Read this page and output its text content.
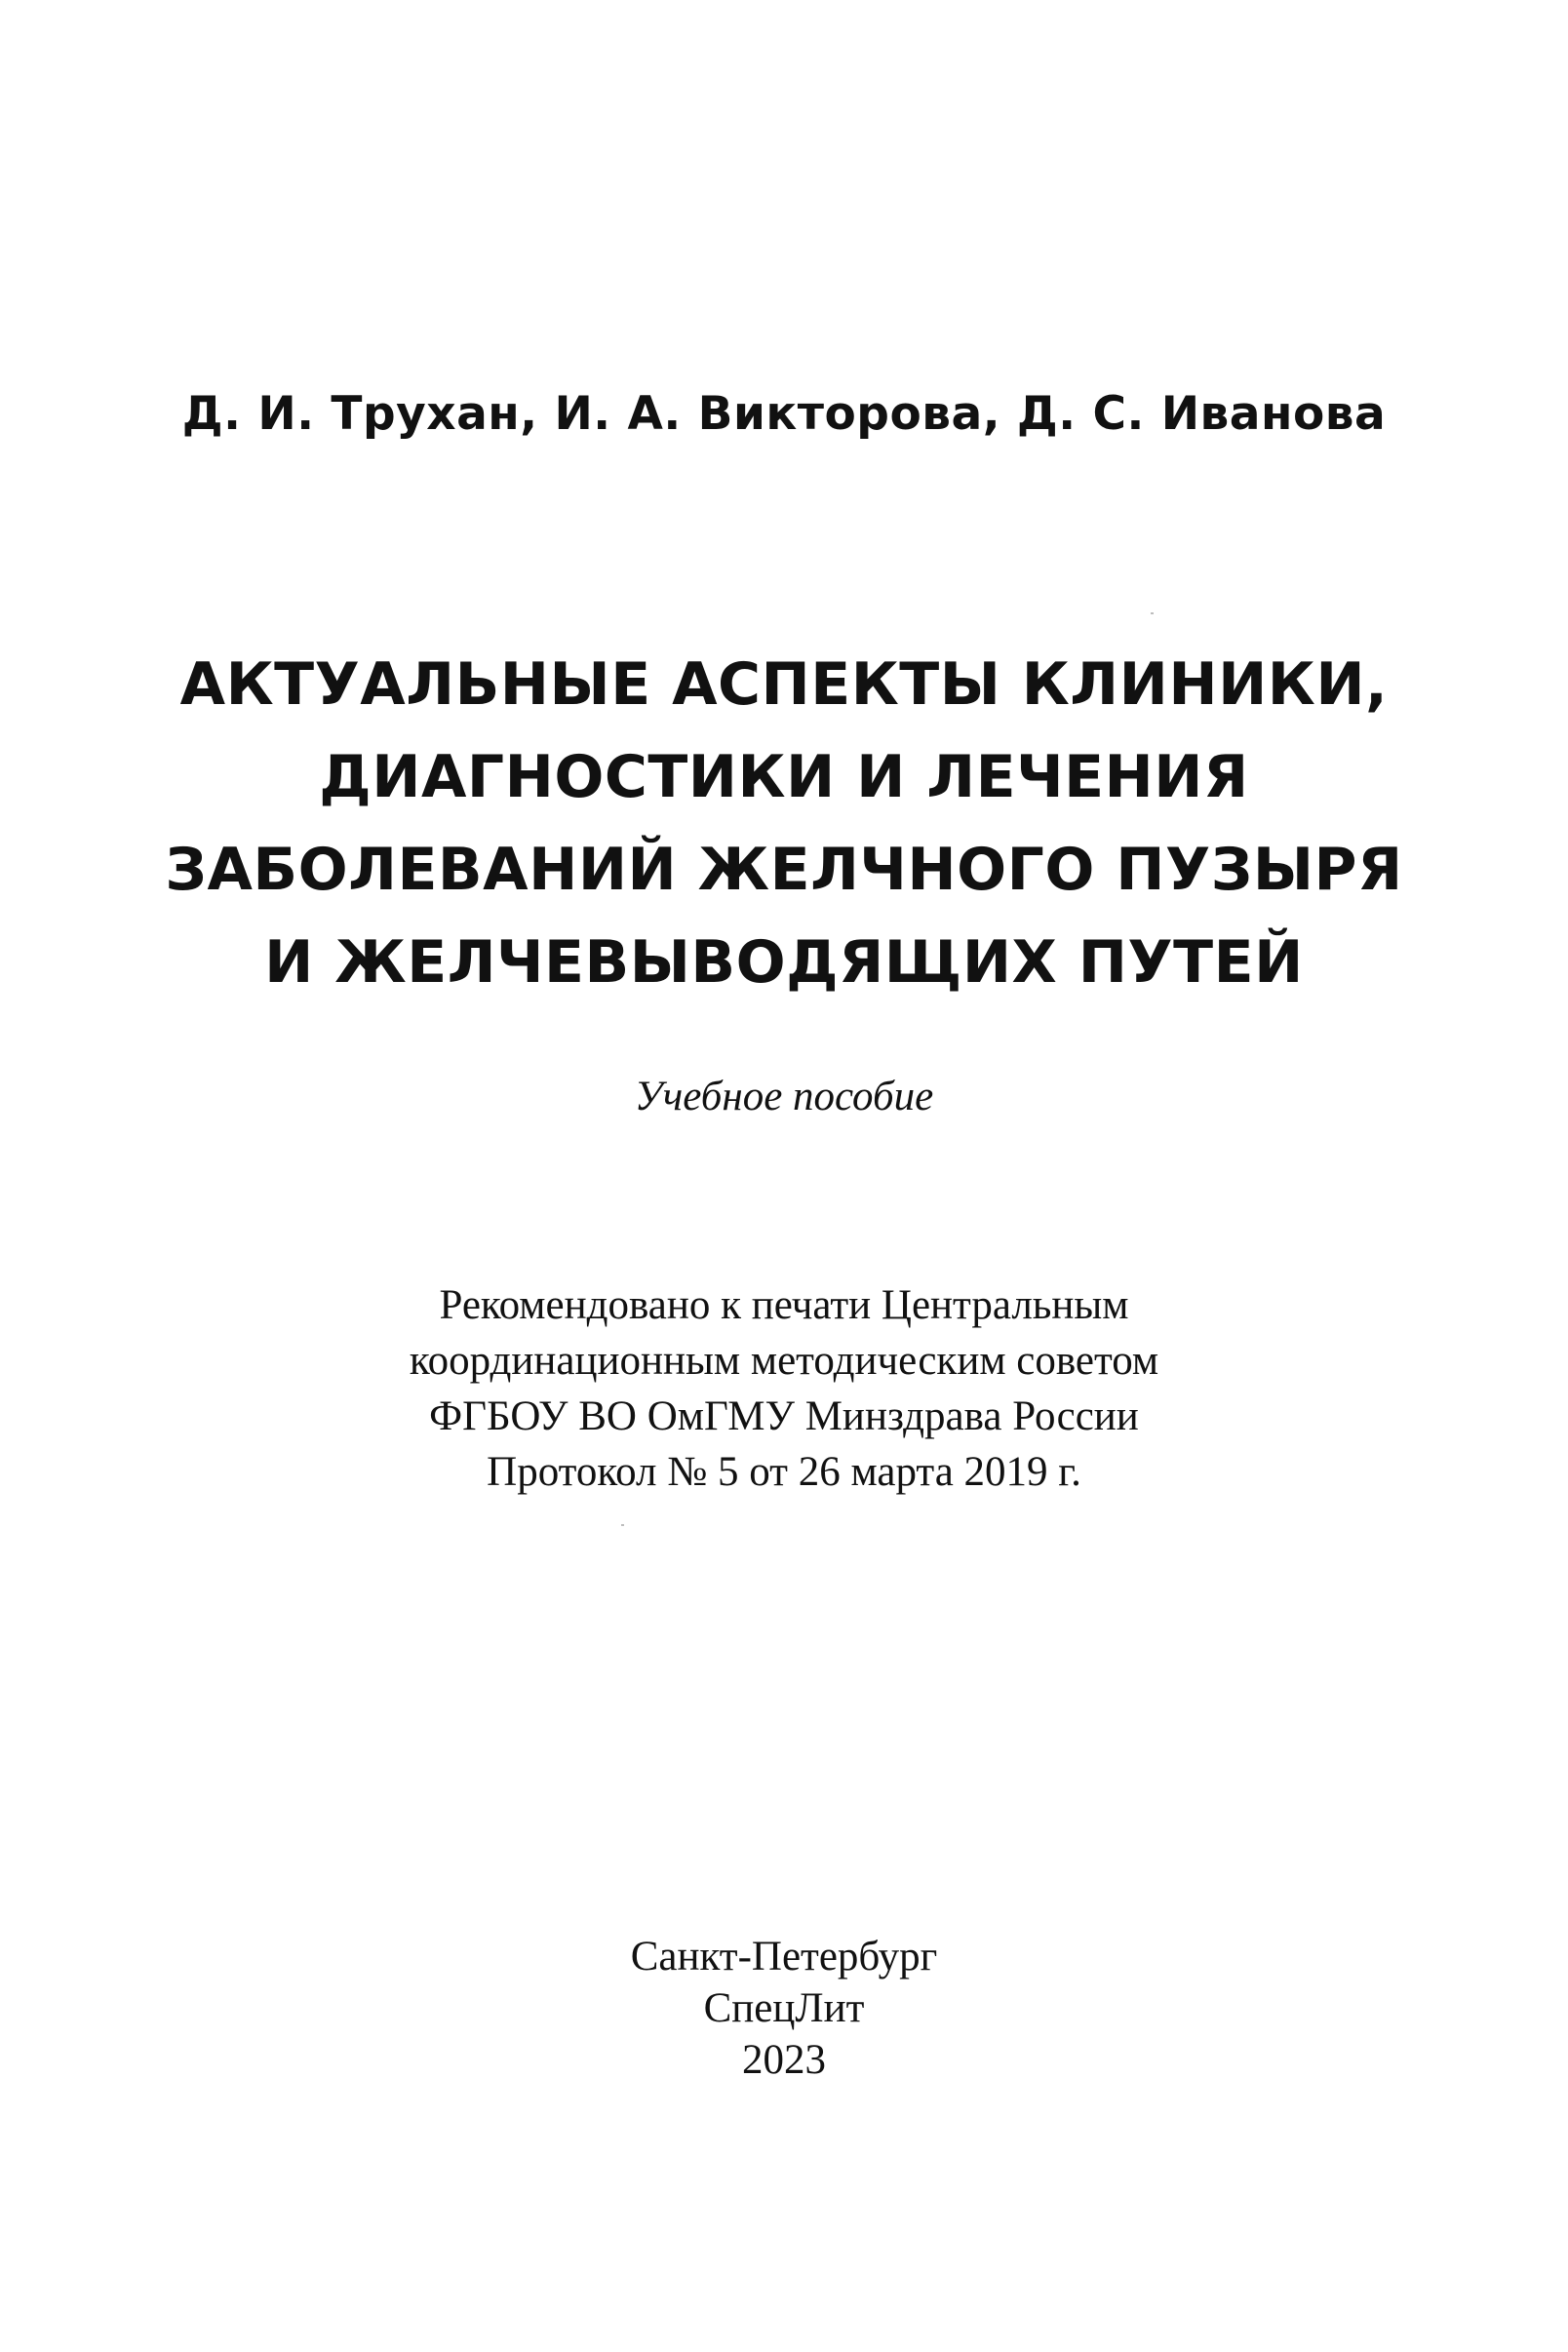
Д. И. Трухан, И. А. Викторова, Д. С. Иванова
АКТУАЛЬНЫЕ АСПЕКТЫ КЛИНИКИ,
ДИАГНОСТИКИ И ЛЕЧЕНИЯ
ЗАБОЛЕВАНИЙ ЖЕЛЧНОГО ПУЗЫРЯ
И ЖЕЛЧЕВЫВОДЯЩИХ ПУТЕЙ
Учебное пособие
Рекомендовано к печати Центральным
координационным методическим советом
ФГБОУ ВО ОмГМУ Минздрава России
Протокол № 5 от 26 марта 2019 г.
Санкт-Петербург
СпецЛит
2023
